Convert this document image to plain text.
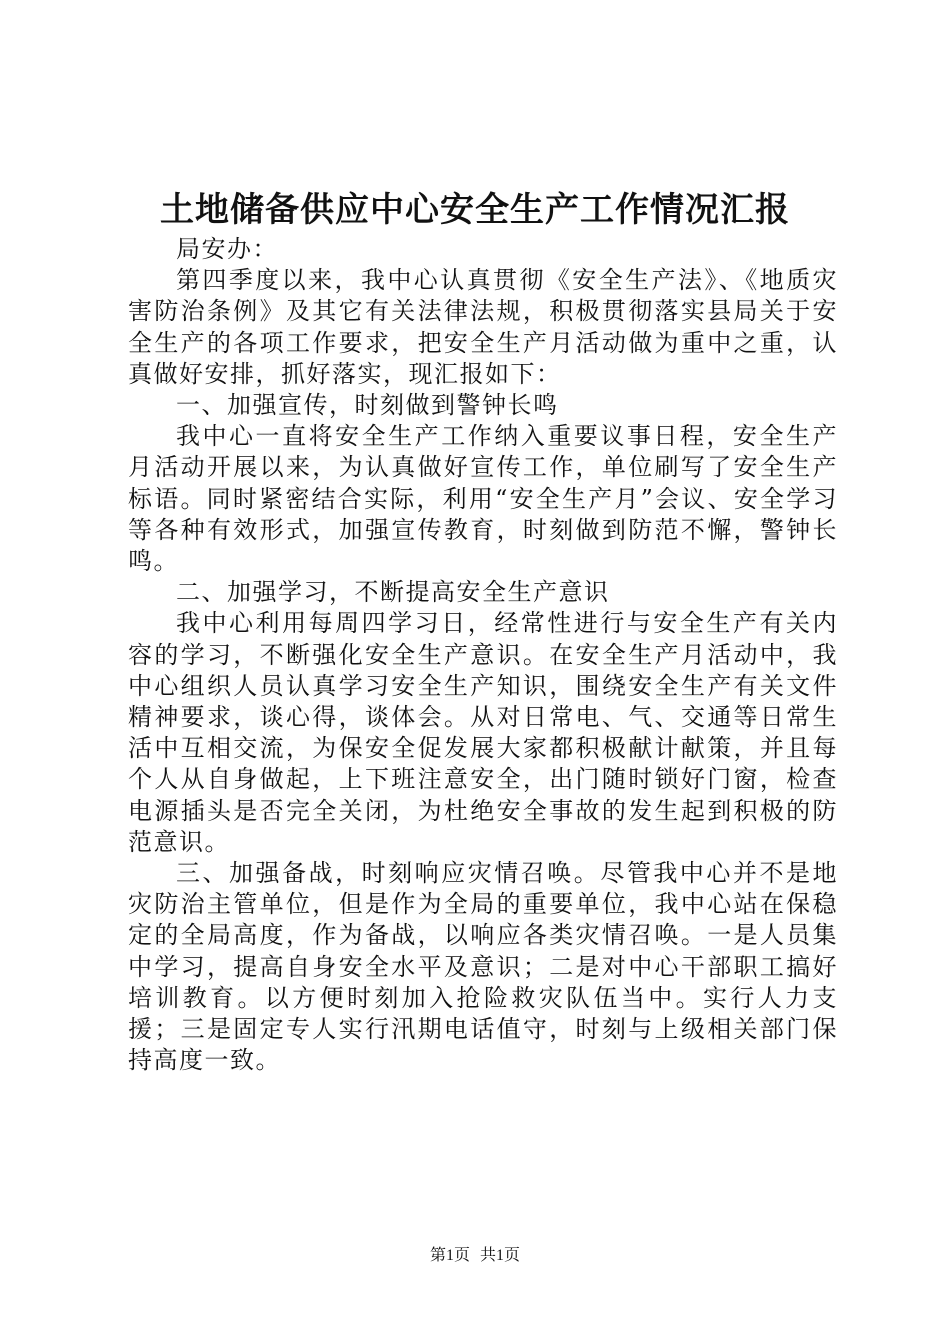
土地储备供应中心安全生产工作情况汇报

局安办：

第四季度以来，我中心认真贯彻《安全生产法》、《地质灾害防治条例》及其它有关法律法规，积极贯彻落实县局关于安全生产的各项工作要求，把安全生产月活动做为重中之重，认真做好安排，抓好落实，现汇报如下：

一、加强宣传，时刻做到警钟长鸣

我中心一直将安全生产工作纳入重要议事日程，安全生产月活动开展以来，为认真做好宣传工作，单位刷写了安全生产标语。同时紧密结合实际，利用“安全生产月”会议、安全学习等各种有效形式，加强宣传教育，时刻做到防范不懈，警钟长鸣。

二、加强学习，不断提高安全生产意识

我中心利用每周四学习日，经常性进行与安全生产有关内容的学习，不断强化安全生产意识。在安全生产月活动中，我中心组织人员认真学习安全生产知识，围绕安全生产有关文件精神要求，谈心得，谈体会。从对日常电、气、交通等日常生活中互相交流，为保安全促发展大家都积极献计献策，并且每个人从自身做起，上下班注意安全，出门随时锁好门窗，检查电源插头是否完全关闭，为杜绝安全事故的发生起到积极的防范意识。

三、加强备战，时刻响应灾情召唤。尽管我中心并不是地灾防治主管单位，但是作为全局的重要单位，我中心站在保稳定的全局高度，作为备战，以响应各类灾情召唤。一是人员集中学习，提高自身安全水平及意识；二是对中心干部职工搞好培训教育。以方便时刻加入抢险救灾队伍当中。实行人力支援；三是固定专人实行汛期电话值守，时刻与上级相关部门保持高度一致。

第1页 共1页
